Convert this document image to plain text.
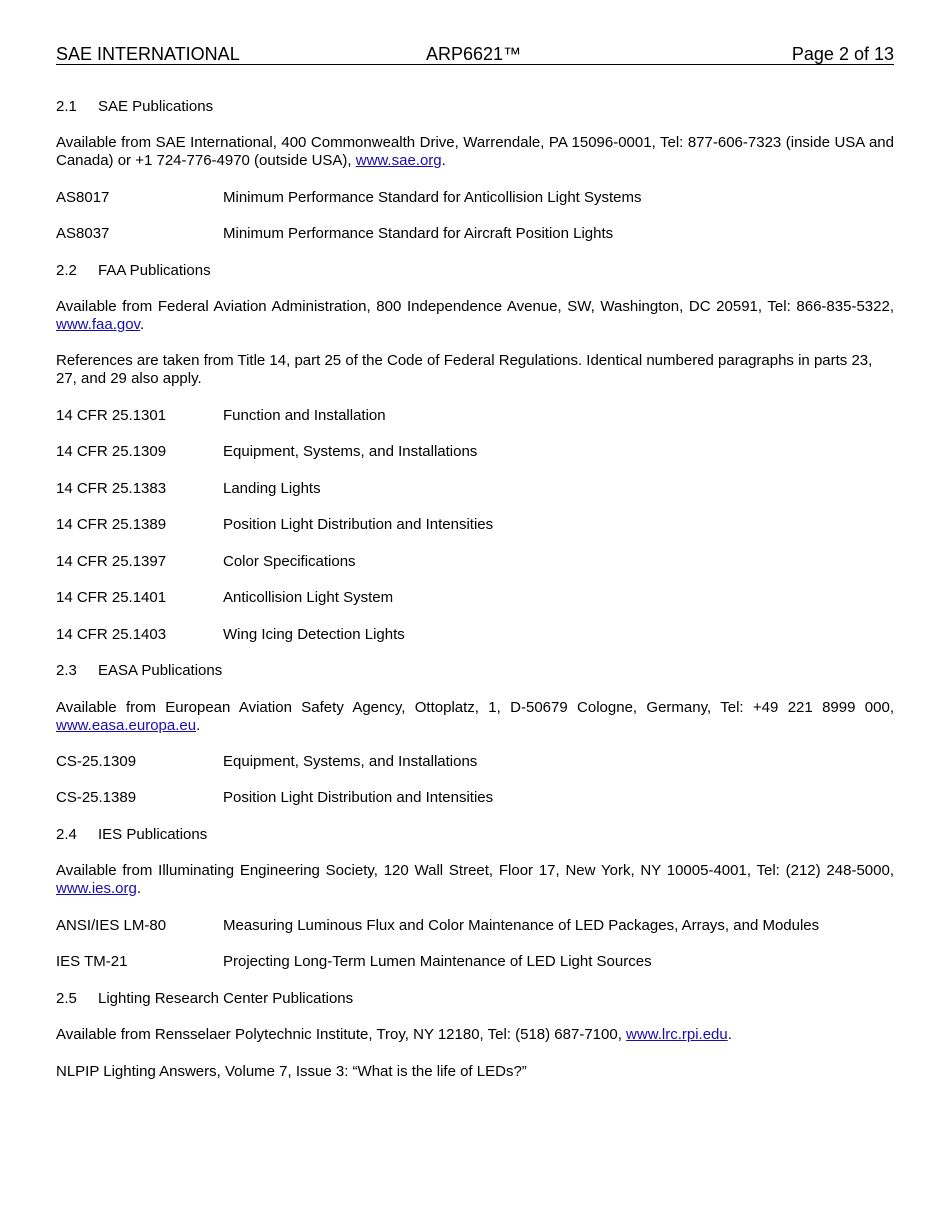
SAE INTERNATIONAL	ARP6621™	Page 2 of 13
2.1 SAE Publications
Available from SAE International, 400 Commonwealth Drive, Warrendale, PA 15096-0001, Tel: 877-606-7323 (inside USA and Canada) or +1 724-776-4970 (outside USA), www.sae.org.
AS8017	Minimum Performance Standard for Anticollision Light Systems
AS8037	Minimum Performance Standard for Aircraft Position Lights
2.2 FAA Publications
Available from Federal Aviation Administration, 800 Independence Avenue, SW, Washington, DC 20591, Tel: 866-835-5322, www.faa.gov.
References are taken from Title 14, part 25 of the Code of Federal Regulations. Identical numbered paragraphs in parts 23, 27, and 29 also apply.
14 CFR 25.1301	Function and Installation
14 CFR 25.1309	Equipment, Systems, and Installations
14 CFR 25.1383	Landing Lights
14 CFR 25.1389	Position Light Distribution and Intensities
14 CFR 25.1397	Color Specifications
14 CFR 25.1401	Anticollision Light System
14 CFR 25.1403	Wing Icing Detection Lights
2.3 EASA Publications
Available from European Aviation Safety Agency, Ottoplatz, 1, D-50679 Cologne, Germany, Tel: +49 221 8999 000, www.easa.europa.eu.
CS-25.1309	Equipment, Systems, and Installations
CS-25.1389	Position Light Distribution and Intensities
2.4 IES Publications
Available from Illuminating Engineering Society, 120 Wall Street, Floor 17, New York, NY 10005-4001, Tel: (212) 248-5000, www.ies.org.
ANSI/IES LM-80	Measuring Luminous Flux and Color Maintenance of LED Packages, Arrays, and Modules
IES TM-21	Projecting Long-Term Lumen Maintenance of LED Light Sources
2.5 Lighting Research Center Publications
Available from Rensselaer Polytechnic Institute, Troy, NY 12180, Tel: (518) 687-7100, www.lrc.rpi.edu.
NLPIP Lighting Answers, Volume 7, Issue 3: “What is the life of LEDs?”
